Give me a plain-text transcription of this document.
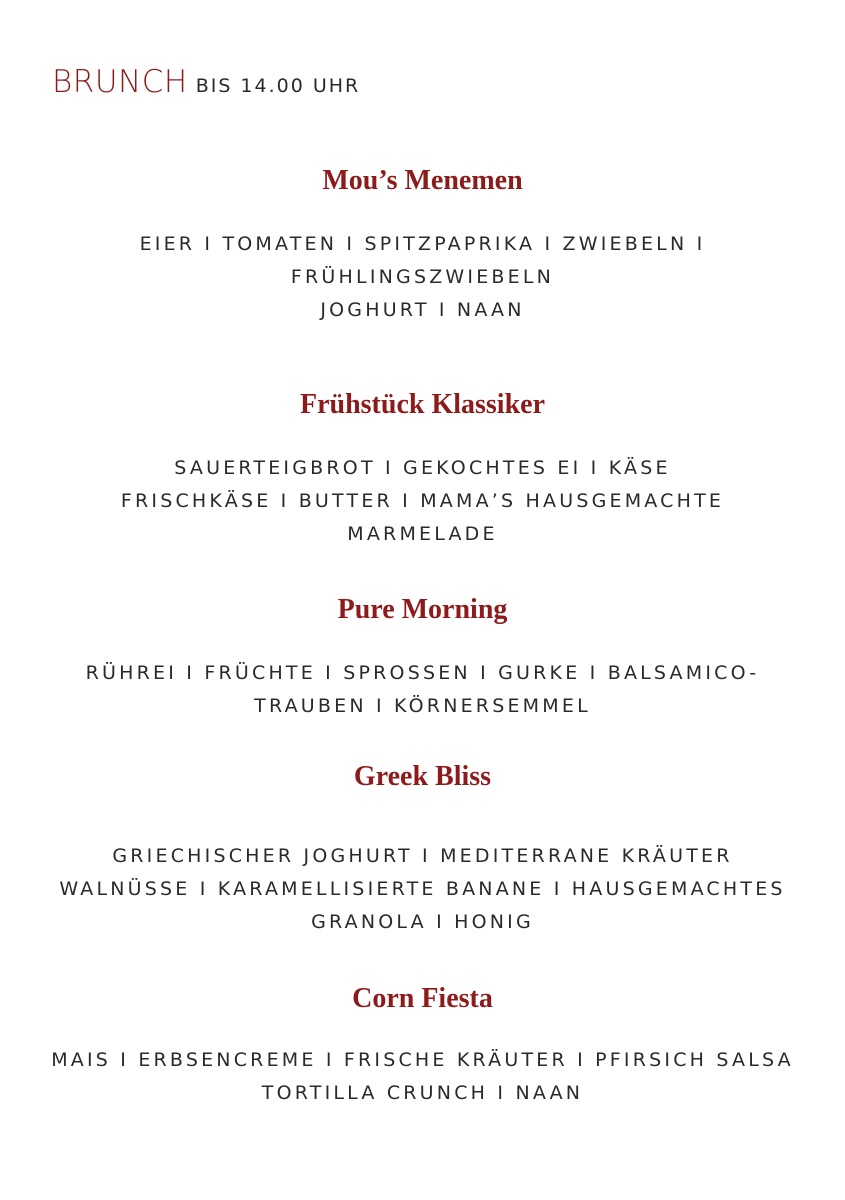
BRUNCH BIS 14.00 UHR
Mou’s Menemen
EIER I TOMATEN I SPITZPAPRIKA I ZWIEBELN I
FRÜHLINGSZWIEBELN
JOGHURT I NAAN
Frühstück Klassiker
SAUERTEIGBROT I GEKOCHTES EI I KÄSE
FRISCHKÄSE I BUTTER I MAMA’S HAUSGEMACHTE
MARMELADE
Pure Morning
RÜHREI I FRÜCHTE I SPROSSEN I GURKE I BALSAMICO-
TRAUBEN I KÖRNERSEMMEL
Greek Bliss
GRIECHISCHER JOGHURT I MEDITERRANE KRÄUTER
WALNÜSSE I KARAMELLISIERTE BANANE I HAUSGEMACHTES
GRANOLA I HONIG
Corn Fiesta
MAIS I ERBSENCREME I FRISCHE KRÄUTER I PFIRSICH SALSA
TORTILLA CRUNCH I NAAN
